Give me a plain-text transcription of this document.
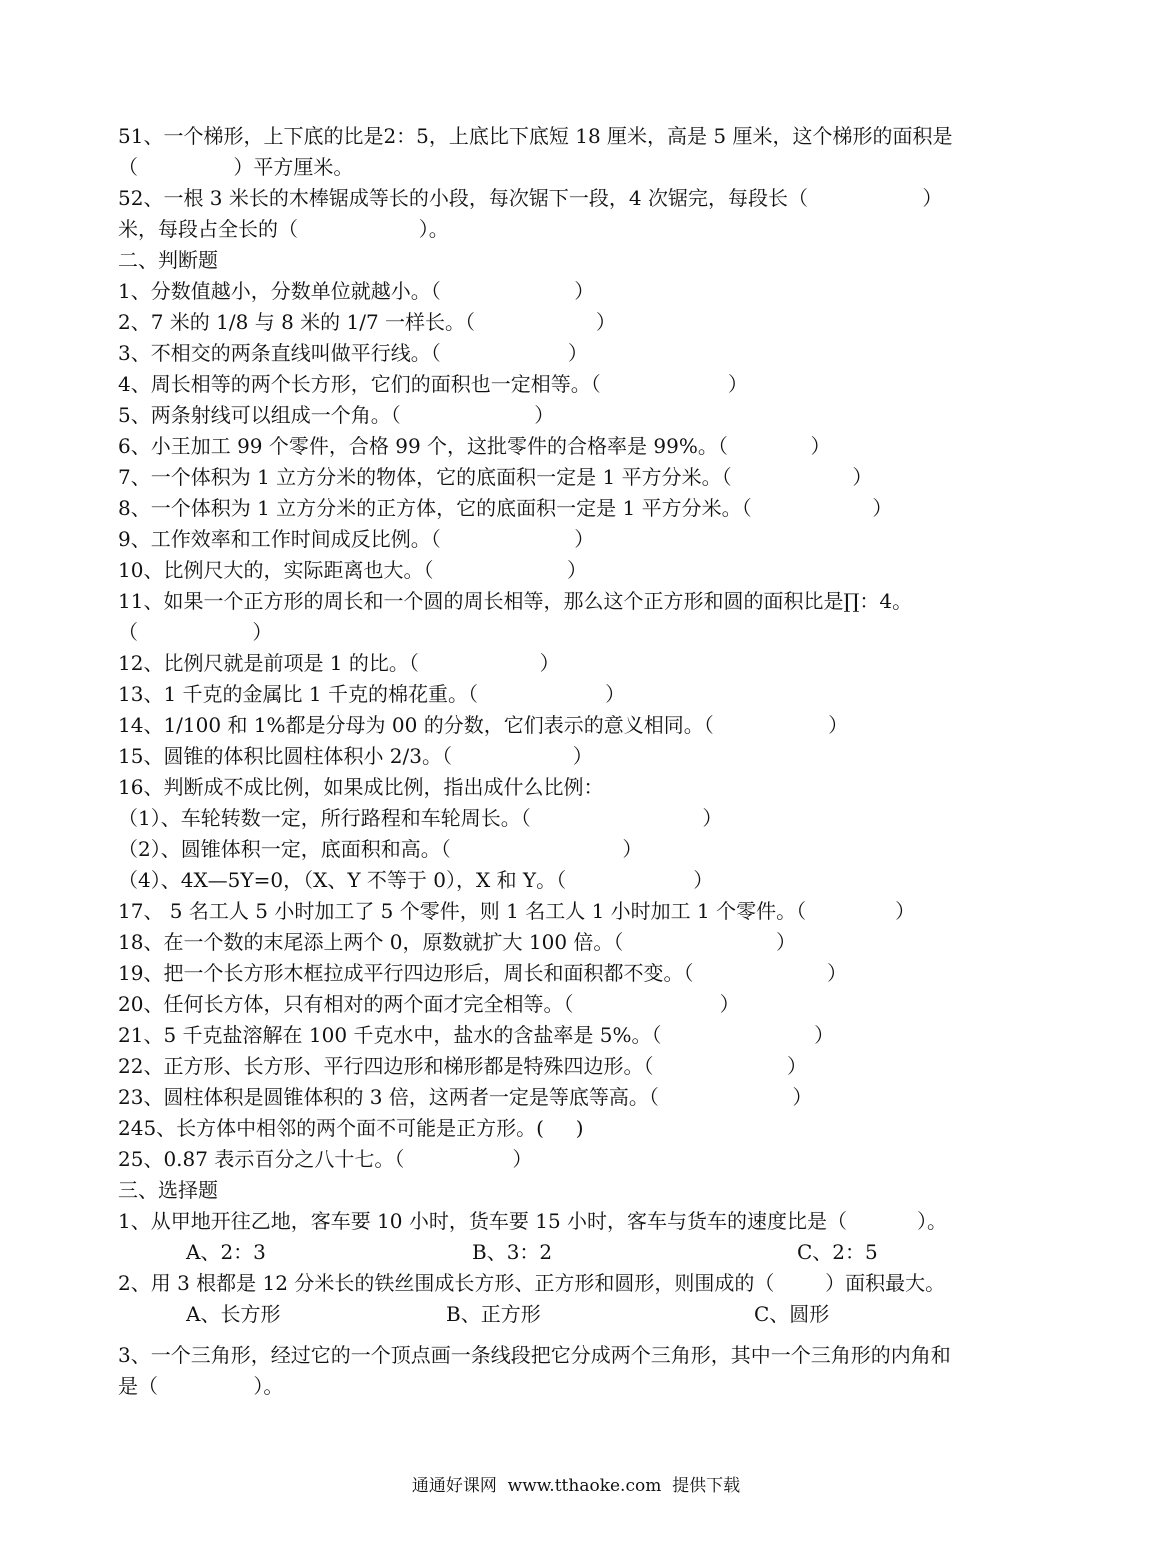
51、一个梯形，上下底的比是2：5，上底比下底短 18 厘米，高是 5 厘米，这个梯形的面积是
（               ）平方厘米。
52、一根 3 米长的木棒锯成等长的小段，每次锯下一段，4 次锯完，每段长（                  ）
米，每段占全长的（                   ）。
二、判断题
1、分数值越小，分数单位就越小。（                     ）
2、7 米的 1/8 与 8 米的 1/7 一样长。（                   ）
3、不相交的两条直线叫做平行线。（                    ）
4、周长相等的两个长方形，它们的面积也一定相等。（                    ）
5、两条射线可以组成一个角。（                     ）
6、小王加工 99 个零件，合格 99 个，这批零件的合格率是 99%。（             ）
7、一个体积为 1 立方分米的物体，它的底面积一定是 1 平方分米。（                   ）
8、一个体积为 1 立方分米的正方体，它的底面积一定是 1 平方分米。（                   ）
9、工作效率和工作时间成反比例。（                     ）
10、比例尺大的，实际距离也大。（                     ）
11、如果一个正方形的周长和一个圆的周长相等，那么这个正方形和圆的面积比是∏：4。
（                  ）
12、比例尺就是前项是 1 的比。（                   ）
13、1 千克的金属比 1 千克的棉花重。（                    ）
14、1/100 和 1%都是分母为 00 的分数，它们表示的意义相同。（                  ）
15、圆锥的体积比圆柱体积小 2/3。（                   ）
16、判断成不成比例，如果成比例，指出成什么比例：
（1）、车轮转数一定，所行路程和车轮周长。（                           ）
（2）、圆锥体积一定，底面积和高。（                           ）
（4）、4X—5Y=0，（X、Y 不等于 0），X 和 Y。（                    ）
17、 5 名工人 5 小时加工了 5 个零件，则 1 名工人 1 小时加工 1 个零件。（              ）
18、在一个数的末尾添上两个 0，原数就扩大 100 倍。（                        ）
19、把一个长方形木框拉成平行四边形后，周长和面积都不变。（                     ）
20、任何长方体，只有相对的两个面才完全相等。（                       ）
21、5 千克盐溶解在 100 千克水中，盐水的含盐率是 5%。（                        ）
22、正方形、长方形、平行四边形和梯形都是特殊四边形。（                     ）
23、圆柱体积是圆锥体积的 3 倍，这两者一定是等底等高。（                     ）
245、长方体中相邻的两个面不可能是正方形。(     )
25、0.87 表示百分之八十七。（                 ）
三、选择题
1、从甲地开往乙地，客车要 10 小时，货车要 15 小时，客车与货车的速度比是（           ）。
A、2：3	B、3：2	C、2：5
2、用 3 根都是 12 分米长的铁丝围成长方形、正方形和圆形，则围成的（        ）面积最大。
A、长方形	B、正方形	C、圆形
3、一个三角形，经过它的一个顶点画一条线段把它分成两个三角形，其中一个三角形的内角和
是（               ）。
通通好课网  www.tthaoke.com  提供下载
